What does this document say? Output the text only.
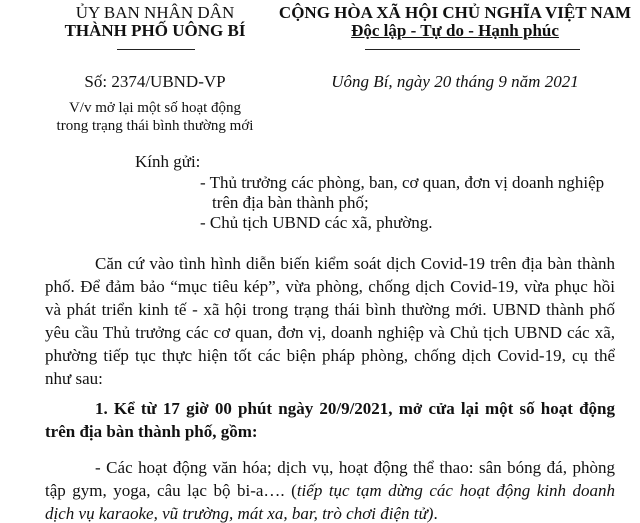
ỦY BAN NHÂN DÂN
THÀNH PHỐ UÔNG BÍ
CỘNG HÒA XÃ HỘI CHỦ NGHĨA VIỆT NAM
Độc lập - Tự do - Hạnh phúc
Số: 2374/UBND-VP	Uông Bí, ngày 20 tháng 9 năm 2021
V/v mở lại một số hoạt động
trong trạng thái bình thường mới
Kính gửi:
- Thủ trưởng các phòng, ban, cơ quan, đơn vị doanh nghiệp
trên địa bàn thành phố;
- Chủ tịch UBND các xã, phường.
Căn cứ vào tình hình diễn biến kiểm soát dịch Covid-19 trên địa bàn thành
phố. Để đảm bảo “mục tiêu kép”, vừa phòng, chống dịch Covid-19, vừa phục hồi
và phát triển kinh tế - xã hội trong trạng thái bình thường mới. UBND thành phố
yêu cầu Thủ trưởng các cơ quan, đơn vị, doanh nghiệp và Chủ tịch UBND các xã,
phường tiếp tục thực hiện tốt các biện pháp phòng, chống dịch Covid-19, cụ thể
như sau:
1. Kể từ 17 giờ 00 phút ngày 20/9/2021, mở cửa lại một số hoạt động
trên địa bàn thành phố, gồm:
- Các hoạt động văn hóa; dịch vụ, hoạt động thể thao: sân bóng đá, phòng
tập gym, yoga, câu lạc bộ bi-a…. (tiếp tục tạm dừng các hoạt động kinh doanh
dịch vụ karaoke, vũ trường, mát xa, bar, trò chơi điện tử).
